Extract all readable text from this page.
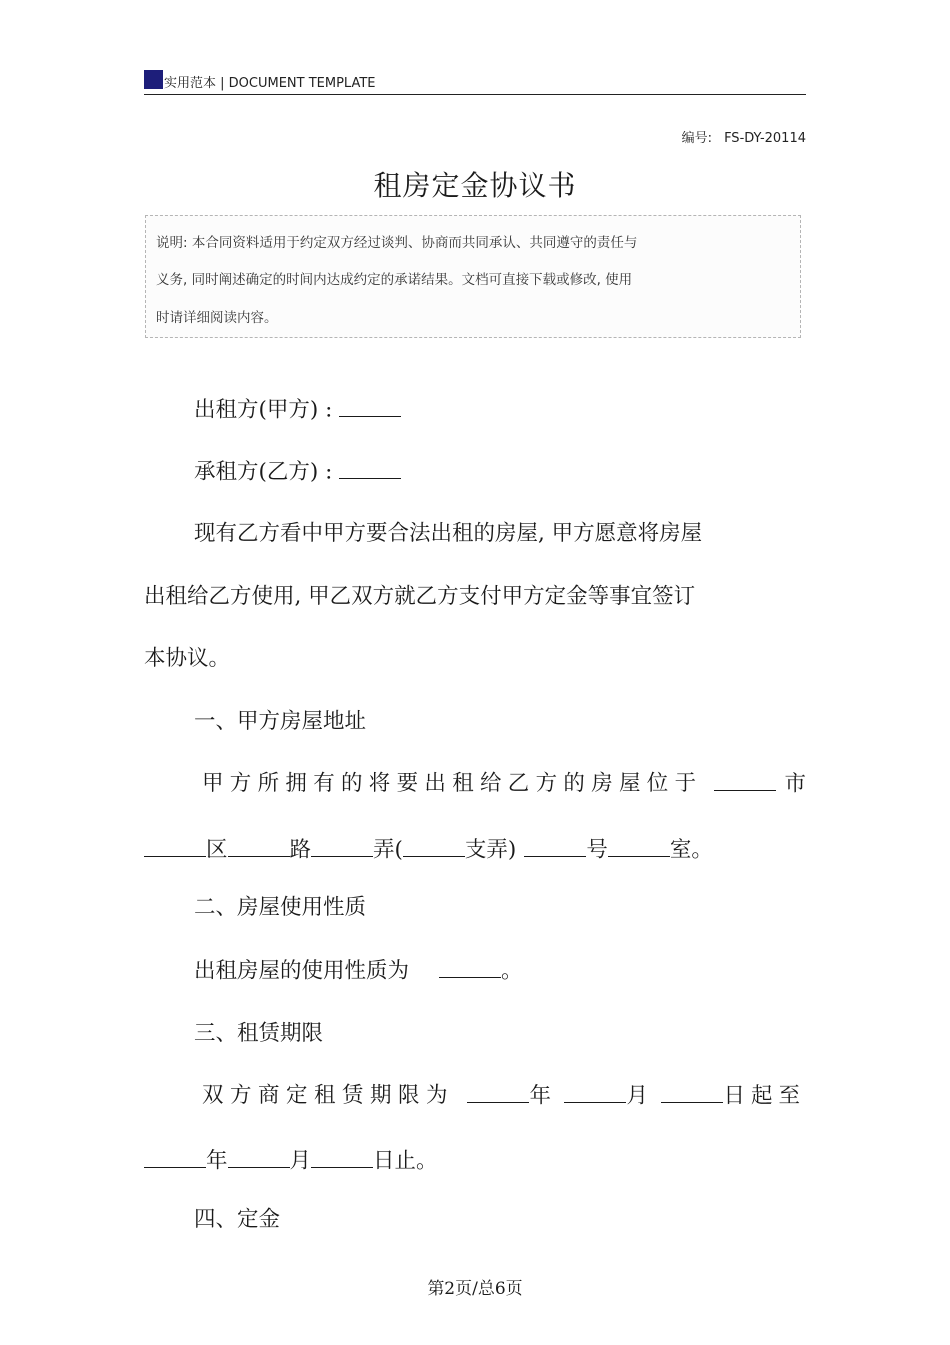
实用范本 | DOCUMENT TEMPLATE
编号: FS-DY-20114
租房定金协议书
说明: 本合同资料适用于约定双方经过谈判、协商而共同承认、共同遵守的责任与
义务, 同时阐述确定的时间内达成约定的承诺结果。文档可直接下载或修改, 使用
时请详细阅读内容。
出租方(甲方) :
承租方(乙方) :
现有乙方看中甲方要合法出租的房屋, 甲方愿意将房屋
出租给乙方使用, 甲乙双方就乙方支付甲方定金等事宜签订
本协议。
一、甲方房屋地址
甲方所拥有的将要出租给乙方的房屋位于	市
区	路	弄(	支弄)	号	室。
二、房屋使用性质
出租房屋的使用性质为	。
三、租赁期限
双方商定租赁期限为	年	月	日起至
年	月	日止。
四、定金
第2页/总6页
